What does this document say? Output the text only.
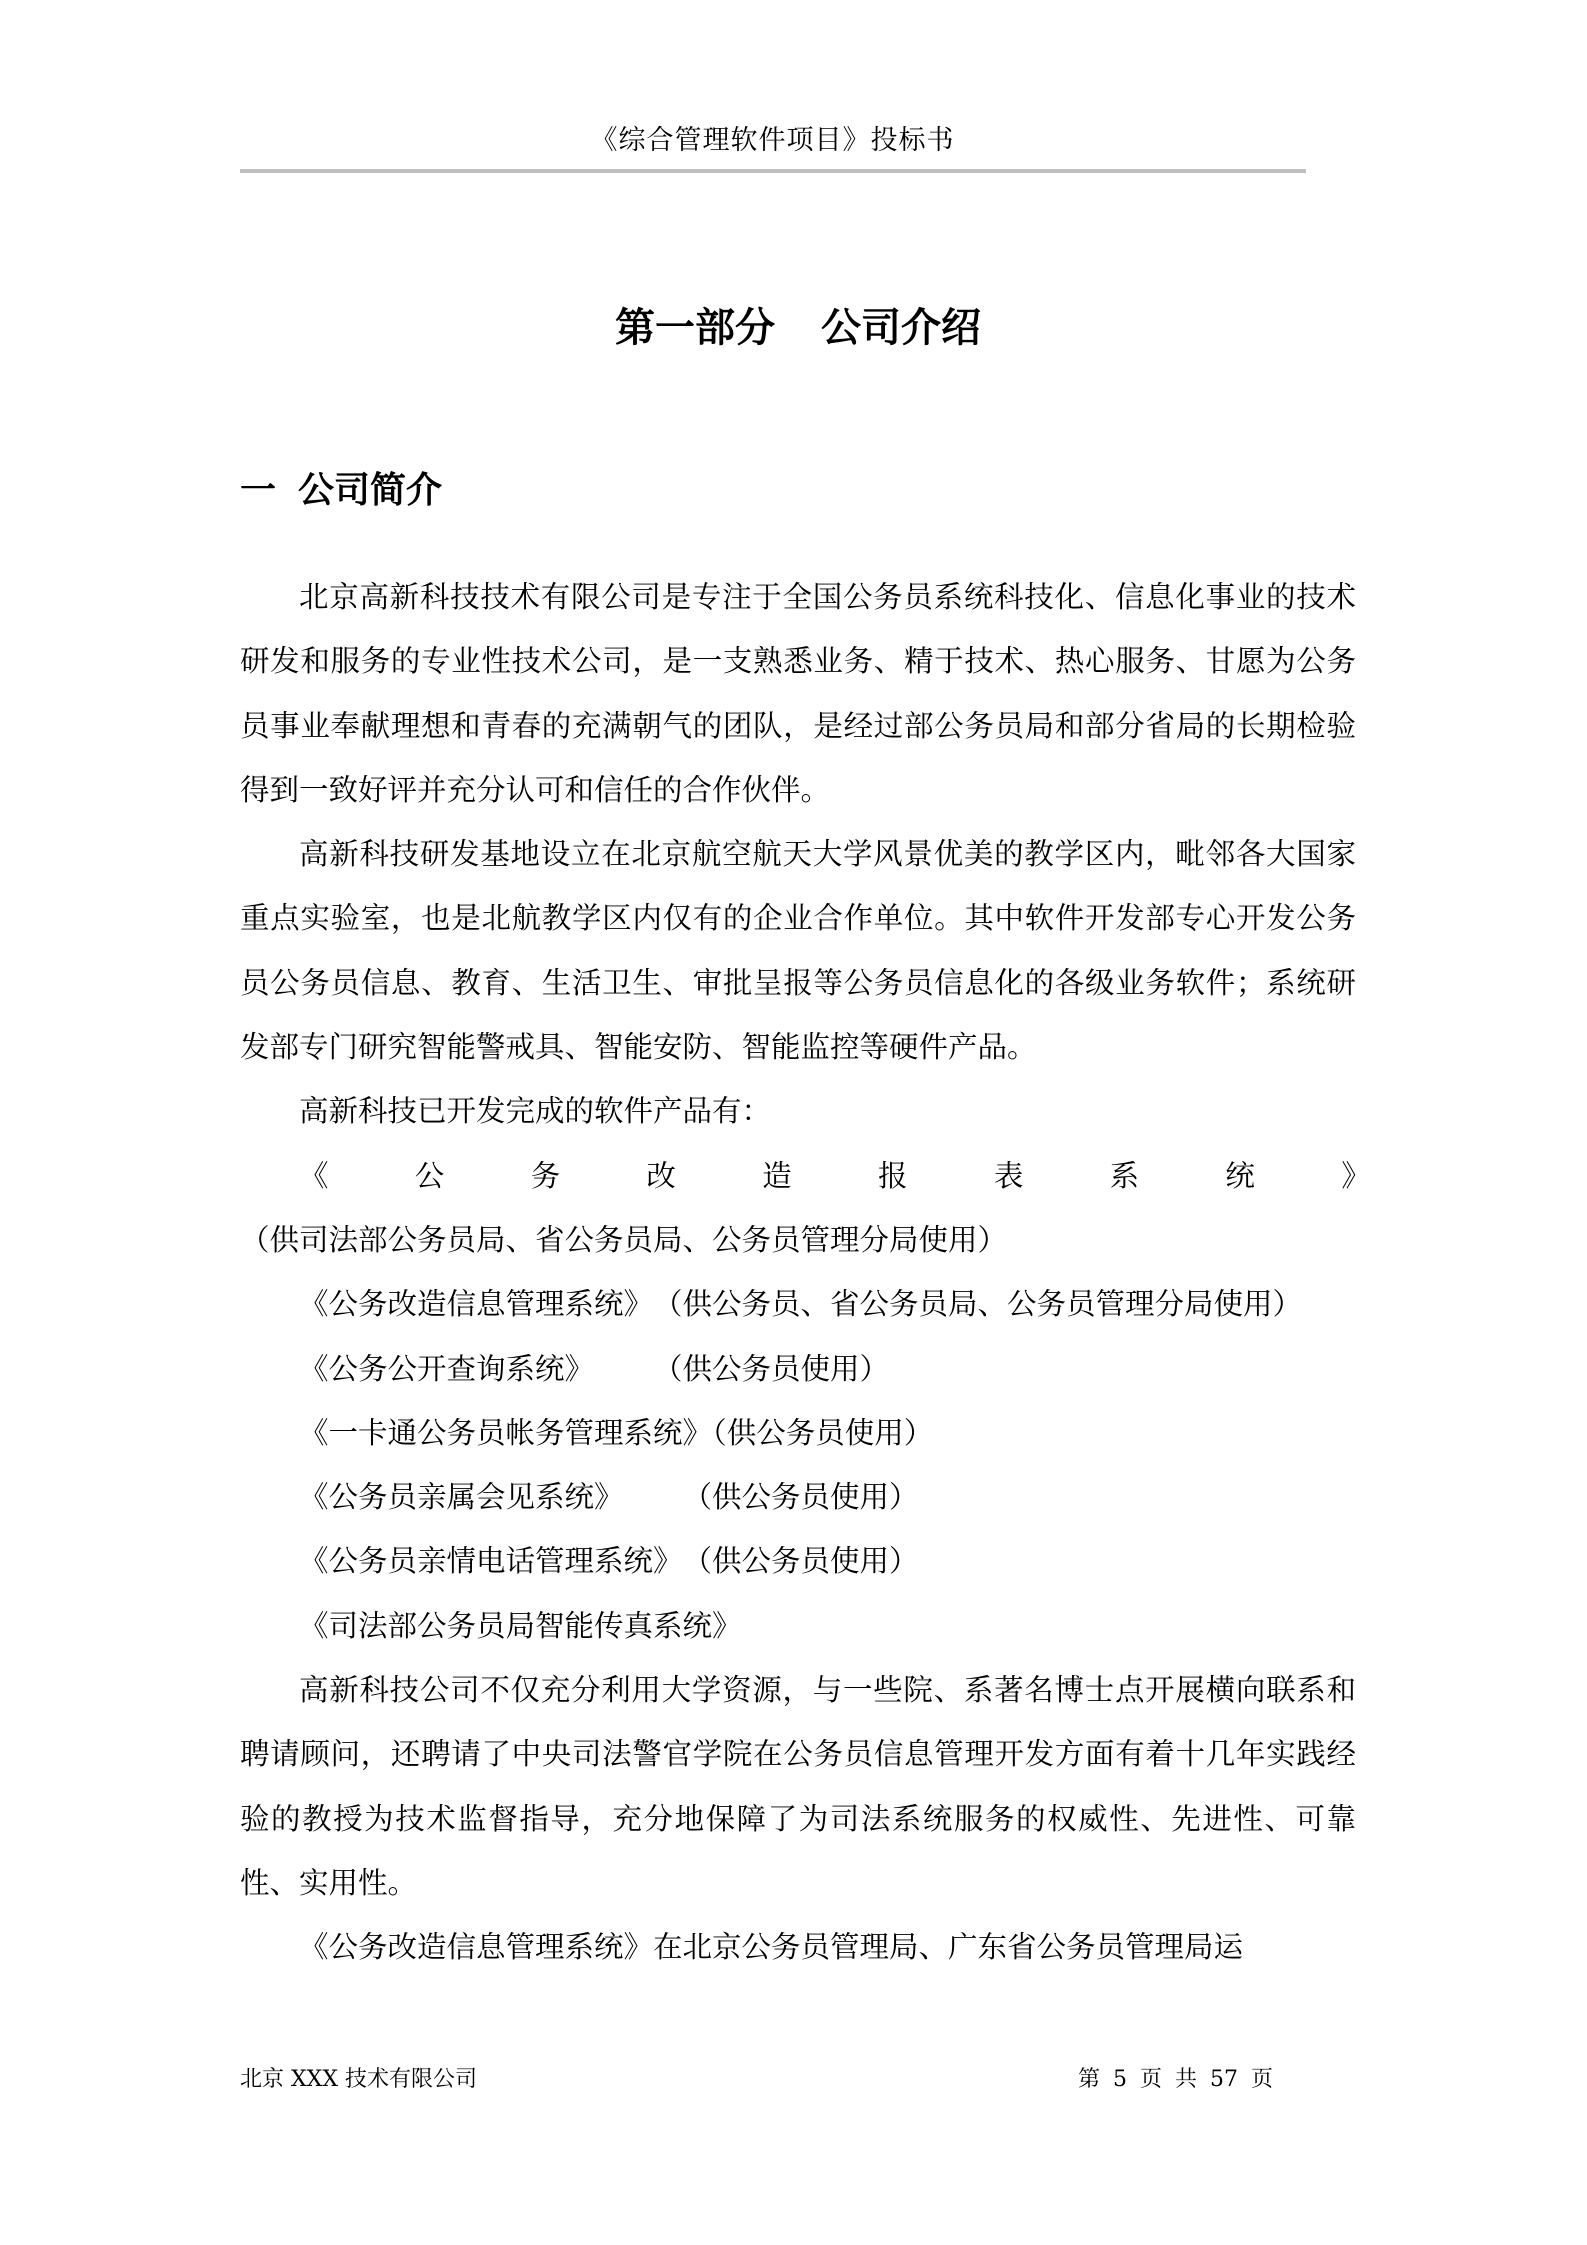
《综合管理软件项目》投标书
第一部分 公司介绍
一 公司简介

北京高新科技技术有限公司是专注于全国公务员系统科技化、信息化事业的技术研发和服务的专业性技术公司，是一支熟悉业务、精于技术、热心服务、甘愿为公务员事业奉献理想和青春的充满朝气的团队，是经过部公务员局和部分省局的长期检验得到一致好评并充分认可和信任的合作伙伴。

高新科技研发基地设立在北京航空航天大学风景优美的教学区内，毗邻各大国家重点实验室，也是北航教学区内仅有的企业合作单位。其中软件开发部专心开发公务员公务员信息、教育、生活卫生、审批呈报等公务员信息化的各级业务软件；系统研发部专门研究智能警戒具、智能安防、智能监控等硬件产品。

高新科技已开发完成的软件产品有：

《公务改造报表系统》　（供司法部公务员局、省公务员局、公务员管理分局使用）

《公务改造信息管理系统》　 （供公务员、省公务员局、公务员管理分局使用）

《公务公开查询系统》　　　	（供公务员使用）

《一卡通公务员帐务管理系统》（供公务员使用）

《公务员亲属会见系统》　　　	（供公务员使用）

《公务员亲情电话管理系统》　 （供公务员使用）

《司法部公务员局智能传真系统》

高新科技公司不仅充分利用大学资源，与一些院、系著名博士点开展横向联系和聘请顾问，还聘请了中央司法警官学院在公务员信息管理开发方面有着十几年实践经验的教授为技术监督指导，充分地保障了为司法系统服务的权威性、先进性、可靠性、实用性。

《公务改造信息管理系统》在北京公务员管理局、广东省公务员管理局运

北京 XXX 技术有限公司	第 5 页 共 57 页
